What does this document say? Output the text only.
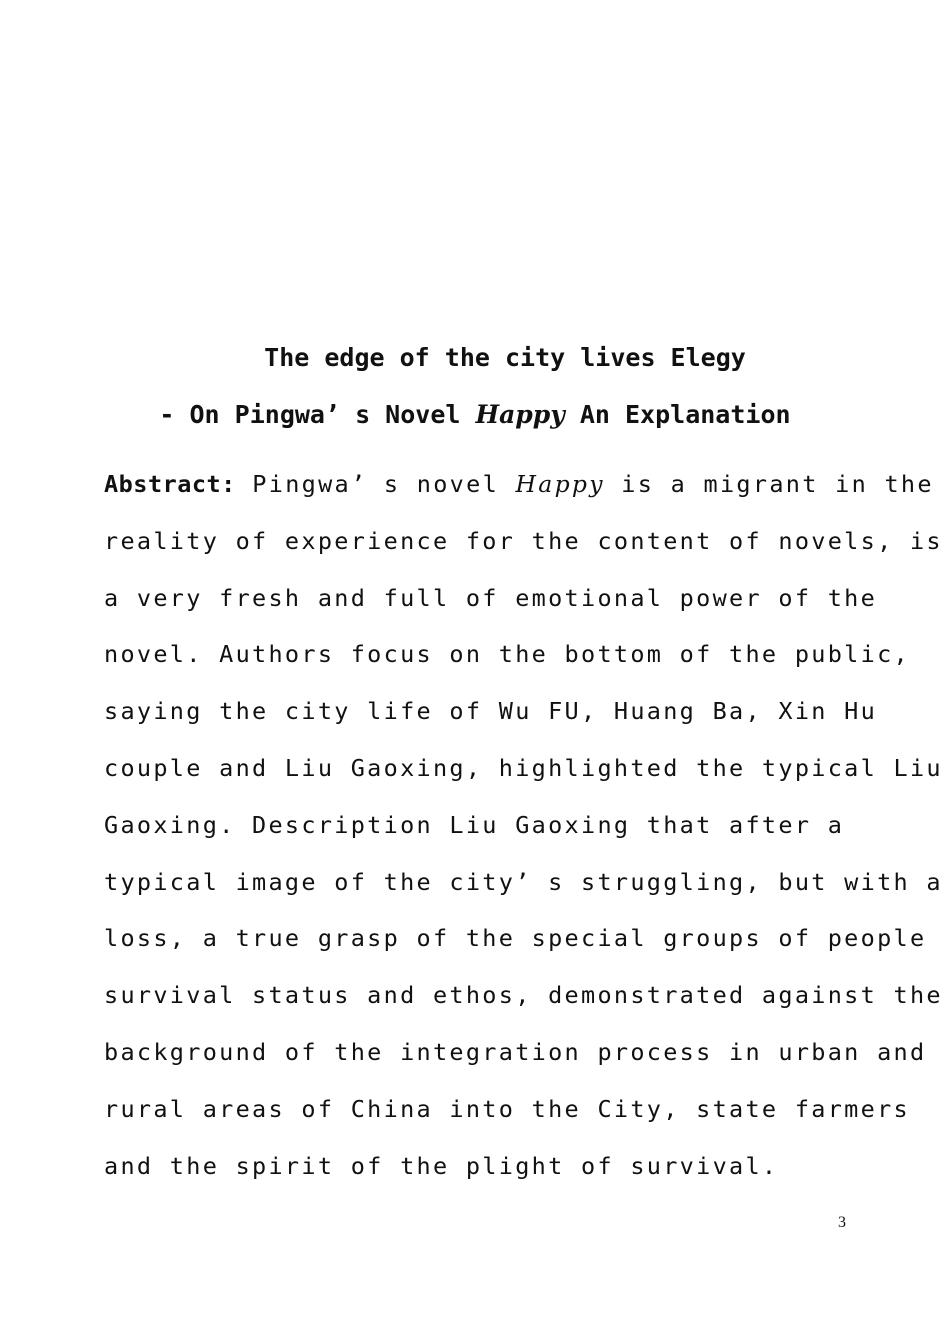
The edge of the city lives Elegy
- On Pingwa’ s Novel Happy An Explanation
Abstract: Pingwa’ s novel Happy is a migrant in the
reality of experience for the content of novels, is
a very fresh and full of emotional power of the
novel. Authors focus on the bottom of the public,
saying the city life of Wu FU, Huang Ba, Xin Hu
couple and Liu Gaoxing, highlighted the typical Liu
Gaoxing. Description Liu Gaoxing that after a
typical image of the city’ s struggling, but with a
loss, a true grasp of the special groups of people
survival status and ethos, demonstrated against the
background of the integration process in urban and
rural areas of China into the City, state farmers
and the spirit of the plight of survival.
3
